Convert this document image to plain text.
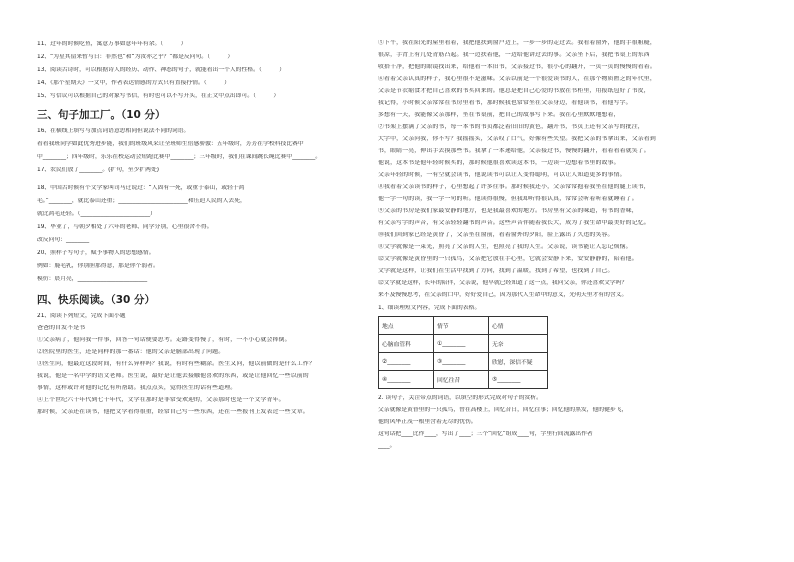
11、过年的时候吃鱼，寓意万事如意年年有余。（　　　）

12、“为星其留来暂与日：非然也”和“为汝亦之乎？”都是反问句。（　　　）

13、阅读古诗时，可以根据诗人的经历、动作、神态的句子，就能看出一个人的性格。（　　　）

14、《那个星期天》一文中，作者表达情感的方式只有直接抒情。（　　　）

15、写信议可以根据自己的对象写书信，有时也可以不写开头，在正文中点出即可。（　　　）

三、句子加工厂。（10 分）

16、在横线上填写与加点词语意思相同但说法不同的词语。

看看我班同学如此优秀进步能，我们的班级风采让全班师生倍感骄傲：五年级时，芳芳在学校科技比赛中

中________；四年级时，乐乐在校运动会短跑比赛中________；三年级时，我们在课间跳长绳比赛中________。

17、农民们放了________。(扩句，至少扩两处)

18、中国古时候有个文学家叫司马迁说过：“人固有一死，或重于泰山，或轻于鸿

毛。”________，就比泰山还重；________________________和压迫人民的人去死，

就比鸿毛还轻。（________________________）

19、毕业了，与朝夕相处了六年的老师、同学分别，心里很舍不得。

改反问句：________

20、照样子写句子，赋予事物人的思想感情。

例如：鹿毛乳，你别胆那得意，那是你个弱者。

模仿：晨月亮，________________________

四、快乐阅读。（30 分）

21、阅读下列短文，完成下面小题

爸爸的自发不是书

①父亲病了，他问我一件事，回答一句话便要思考。走路变得慢了，有时，一不小心就会摔倒。

②医院里的医生，还是同样的那一番话：他的父亲是脑部出现了问题。

③医生问，他最近这段时间，有什么异样吗？我说，有时有些糊涂。医生又问，他以前做的是什么工作？

我说，他是一名中学的语文老师。医生说，最好是让他去接触他喜欢的东西，或是让他回忆一些以前的

事情，这样或许对他的记忆有所帮助。我点点头，觉得医生的话有些道理。

④上个世纪六十年代到七十年代，文学在那时是非常受欢迎的，父亲那时也是一个文学青年。

那时候，父亲还在读书，他把文学看得很重，经常自己写一些东西，还在一些报刊上发表过一些文章。

⑤下午，我在阳光的屋里看着，我把他扶到窗户边上，一步一步的走过去。我看着窗外，他的手很粗糙，

很凉，手背上有几处青筋凸起。我一边扶着他，一边给他讲过去的事。父亲坐下后，我把书桌上的东西

收拾干净，把他的眼镜找出来，给他看一本旧书，父亲接过书，很小心的翻开，一页一页的慢慢的看着。

⑥看着父亲认真的样子，我心里很不是滋味。父亲以前是一个很爱读书的人，在那个物质匮乏的年代里，

父亲是节衣缩食才把自己喜欢的书买回来的。他总是把自己心爱的书放在书柜里，用报纸包好了书皮，

我记得，小时候父亲常常在书房里看书，那时候我也常常坐在父亲身边，看他读书，看他写字。

多想有一天，我能像父亲那样，坐在书桌前，把自己的故事写下来。我在心里默默地想着，

⑦书架上摆满了父亲的书，每一本书的书页都泛着旧旧的黄色，翻开书，书页上还有父亲写的批注，

大字中，父亲问我，你不写？我摇摇头，父亲叹了口气，好像有些失望。我把父亲的书拿出来，父亲看到

书，眼睛一亮，伸出手去摸那些书。我拿了一本递给他，父亲接过书，慢慢的翻开，看着看着就笑了。

他说，这本书是他年轻时候买的，那时候他很喜欢读这本书，一边读一边想着书里的故事。

父亲年轻的时候，一有空就会读书，他说读书可以让人变得聪明，可以让人知道更多的事情。

⑧我看着父亲读书的样子，心里想起了许多往事。那时候我还小，父亲常常抱着我坐在他的腿上读书，

他一字一句的读，我一字一句的听。他读得很慢，但我却听得很认真，常常会听着听着就睡着了。

⑨父亲的书房是我们家最安静的地方，也是我最喜欢的地方。书房里有父亲的味道，有书的香味，

有父亲写字的声音，有父亲轻轻翻书的声音。这些声音伴随着我长大，成为了我生命中最美好的记忆。

⑩我们回到家已经是黄昏了，父亲坐在窗前，看着窗外的夕阳，脸上露出了久违的笑容。

⑪文学就像是一束光，照亮了父亲的人生，也照亮了我的人生。父亲说，读书能让人忘记烦恼。

⑫文学就像是黄昏里的一只孤鸟，父亲把它放在手心里，它就会安静下来，安安静静的，陪着他。

文学就是这样，让我们在生活中找到了方向，找到了温暖，找到了希望，也找到了自己。

⑫文学就是这样，长年的陪伴，父亲说，他早就已经知道了这一点，我问父亲，你还喜欢文学吗？

来不及慢慢思考，在父亲的口中，好好爱自己，因为那代人生命中的意义，光明天里才有的含义。

1、细读理短文内容，完成下面的表格。

地点	情节	心情
心脑血管科	①________	无奈
②________	③________	欣慰，深信不疑
④________	回忆往昔	⑤________

2. 读句子，关注带点的词语，以填空的形式完成对句子的赏析。

父亲就像是黄昏里的一只孤鸟，曾在高楼上，回忆昔日，回忆往事；回忆他的黑发，他的健步飞，

他的风华正茂一根里含着无尽的忧伤。

这句话把____比作____，写出了____；三个“回忆”组成____句，字里行间流露出作者

____。
